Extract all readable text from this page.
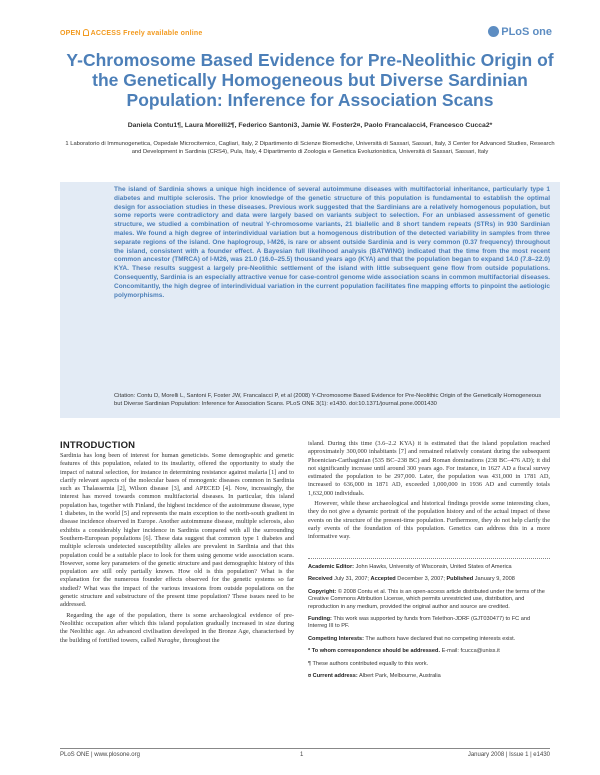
OPEN ACCESS Freely available online	PLoS one
Y-Chromosome Based Evidence for Pre-Neolithic Origin of the Genetically Homogeneous but Diverse Sardinian Population: Inference for Association Scans

Daniela Contu1¶, Laura Morelli2¶, Federico Santoni3, Jamie W. Foster2¤, Paolo Francalacci4, Francesco Cucca2*

1 Laboratorio di Immunogenetica, Ospedale Microcitemico, Cagliari, Italy, 2 Dipartimento di Scienze Biomediche, Università di Sassari, Sassari, Italy, 3 Center for Advanced Studies, Research and Development in Sardinia (CRS4), Pula, Italy, 4 Dipartimento di Zoologia e Genetica Evoluzionistica, Università di Sassari, Sassari, Italy

The island of Sardinia shows a unique high incidence of several autoimmune diseases with multifactorial inheritance, particularly type 1 diabetes and multiple sclerosis. The prior knowledge of the genetic structure of this population is fundamental to establish the optimal design for association studies in these diseases. Previous work suggested that the Sardinians are a relatively homogenous population, but some reports were contradictory and data were largely based on variants subject to selection. For an unbiased assessment of genetic structure, we studied a combination of neutral Y-chromosome variants, 21 biallelic and 8 short tandem repeats (STRs) in 930 Sardinian males. We found a high degree of interindividual variation but a homogenous distribution of the detected variability in samples from three separate regions of the island. One haplogroup, I-M26, is rare or absent outside Sardinia and is very common (0.37 frequency) throughout the island, consistent with a founder effect. A Bayesian full likelihood analysis (BATWING) indicated that the time from the most recent common ancestor (TMRCA) of I-M26, was 21.0 (16.0–25.5) thousand years ago (KYA) and that the population began to expand 14.0 (7.8–22.0) KYA. These results suggest a largely pre-Neolithic settlement of the island with little subsequent gene flow from outside populations. Consequently, Sardinia is an especially attractive venue for case-control genome wide association scans in common multifactorial diseases. Concomitantly, the high degree of interindividual variation in the current population facilitates fine mapping efforts to pinpoint the aetiologic polymorphisms.

Citation: Contu D, Morelli L, Santoni F, Foster JW, Francalacci P, et al (2008) Y-Chromosome Based Evidence for Pre-Neolithic Origin of the Genetically Homogeneous but Diverse Sardinian Population: Inference for Association Scans. PLoS ONE 3(1): e1430. doi:10.1371/journal.pone.0001430

INTRODUCTION

Sardinia has long been of interest for human geneticists. Some demographic and genetic features of this population, related to its insularity, offered the opportunity to study the impact of natural selection, for instance in determining resistance against malaria [1] and to clarify relevant aspects of the molecular bases of monogenic diseases common in Sardinia such as Thalassemia [2], Wilson disease [3], and APECED [4]. Now, increasingly, the interest has moved towards common multifactorial diseases. In particular, this island population has, together with Finland, the highest incidence of the autoimmune disease, type 1 diabetes, in the world [5] and represents the main exception to the north-south gradient in disease incidence observed in Europe. Another autoimmune disease, multiple sclerosis, also exhibits a considerably higher incidence in Sardinia compared with all the surrounding Southern-European populations [6]. These data suggest that common type 1 diabetes and multiple sclerosis undetected susceptibility alleles are prevalent in Sardinia and that this population could be a suitable place to look for them using genome wide association scans. However, some key parameters of the genetic structure and past demographic history of this population are still only partially known. How old is this population? What is the explanation for the numerous founder effects observed for the genetic systems so far studied? What was the impact of the various invasions from outside populations on the genetic structure and substructure of the present time population? These issues need to be addressed.

 Regarding the age of the population, there is some archaeological evidence of pre-Neolithic occupation after which this island population gradually increased in size during the Neolithic age. An advanced civilisation developed in the Bronze Age, characterised by the building of fortified towers, called Nuraghe, throughout the

island. During this time (3.6–2.2 KYA) it is estimated that the island population reached approximately 300,000 inhabitants [7] and remained relatively constant during the subsequent Phoenician-Carthaginian (535 BC–238 BC) and Roman dominations (238 BC–476 AD); it did not significantly increase until around 300 years ago. For instance, in 1627 AD a fiscal survey estimated the population to be 297,000. Later, the population was 431,000 in 1781 AD, increased to 636,000 in 1871 AD, exceeded 1,000,000 in 1936 AD and currently totals 1,632,000 individuals.

 However, while these archaeological and historical findings provide some interesting clues, they do not give a dynamic portrait of the population history and of the actual impact of these events on the structure of the present-time population. Furthermore, they do not help clarify the early events of the foundation of this population. Genetics can address this in a more informative way.

Academic Editor: John Hawks, University of Wisconsin, United States of America
Received July 31, 2007; Accepted December 3, 2007; Published January 9, 2008
Copyright: © 2008 Contu et al. This is an open-access article distributed under the terms of the Creative Commons Attribution License, which permits unrestricted use, distribution, and reproduction in any medium, provided the original author and source are credited.
Funding: This work was supported by funds from Telethon-JDRF (GJT030477) to FC and Interreg III to PF.
Competing Interests: The authors have declared that no competing interests exist.
* To whom correspondence should be addressed. E-mail: fcucca@uniss.it
¶ These authors contributed equally to this work.
¤ Current address: Albert Park, Melbourne, Australia
PLoS ONE | www.plosone.org	1	January 2008 | Issue 1 | e1430
